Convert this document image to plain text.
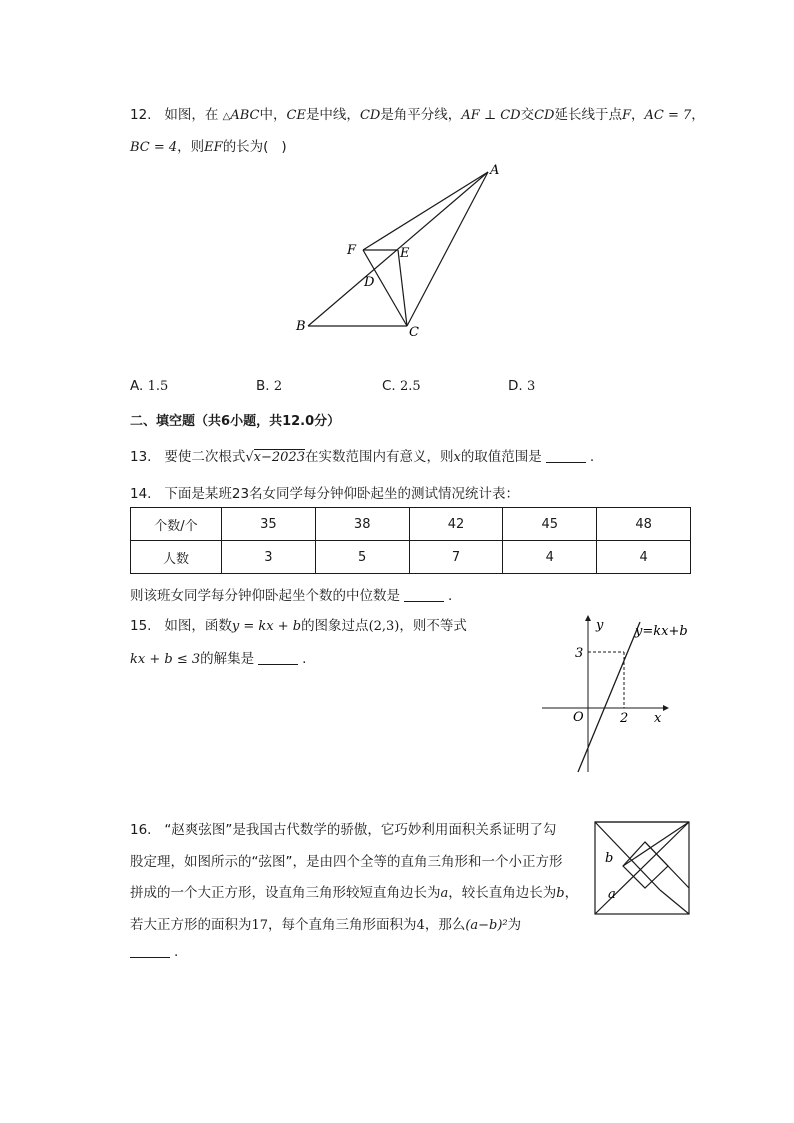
12. 如图，在 △ABC中，CE是中线，CD是角平分线，AF ⊥ CD交CD延长线于点F，AC = 7，
BC = 4，则EF的长为( )
A
B	C
D
E
F
A. 1.5	B. 2	C. 2.5	D. 3
二、填空题（共6小题，共12.0分）
13. 要使二次根式√x−2023在实数范围内有意义，则x的取值范围是	.
14. 下面是某班23名女同学每分钟仰卧起坐的测试情况统计表：
个数/个	35	38	42	45	48
人数	3	5	7	4	4
则该班女同学每分钟仰卧起坐个数的中位数是	.
15. 如图，函数y = kx + b的图象过点(2,3)，则不等式
kx + b ≤ 3的解集是	.
y
x
O	2
3
y=kx+b
16. “赵爽弦图”是我国古代数学的骄傲，它巧妙利用面积关系证明了勾
股定理，如图所示的“弦图”，是由四个全等的直角三角形和一个小正方形
拼成的一个大正方形，设直角三角形较短直角边长为a，较长直角边长为b，
若大正方形的面积为17，每个直角三角形面积为4，那么(a−b)²为
.
b
a
